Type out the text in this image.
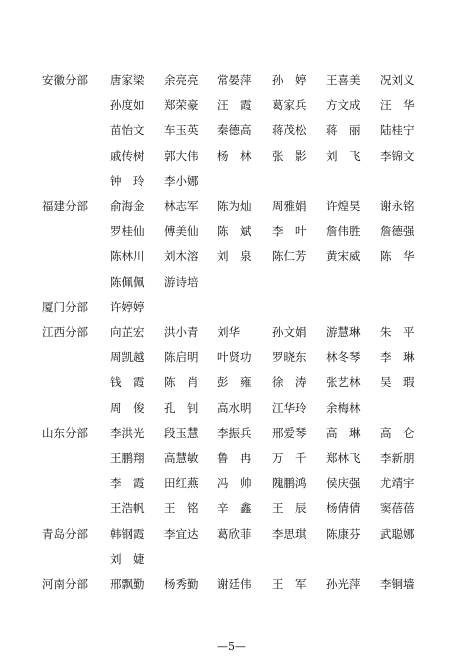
安徽分部 唐家梁 余亮亮 常晏萍 孙　婷 王喜美 况刘义
孙度如 郑荣豪 汪　霞 葛家兵 方文成 汪　华
苗怡文 车玉英 秦德高 蒋茂松 蒋　丽 陆桂宁
戚传树 郭大伟 杨　林 张　影 刘　飞 李锦文
钟　玲 李小娜
福建分部 俞海金 林志军 陈为灿 周雅娟 许煌昊 谢永铭
罗桂仙 傅美仙 陈　斌 李　叶 詹伟胜 詹德强
陈林川 刘木溶 刘　泉 陈仁芳 黄宋威 陈　华
陈佩佩 游诗培
厦门分部 许婷婷
江西分部 向芷宏 洪小青 刘华	孙文娟 游慧琳 朱　平
周凯越 陈启明 叶贤功 罗晓东 林冬琴 李　琳
钱　霞 陈　肖 彭　雍 徐　涛 张艺林 吴　瑕
周　俊 孔　钊 高水明 江华玲 余梅林
山东分部 李洪光 段玉慧 李振兵 邢爱琴 高　琳 高　仑
王鹏翔 高慧敏 鲁　冉 万　千 郑林飞 李新朋
李　霞 田红燕 冯　帅 隗鹏鸿 侯庆强 尤靖宇
王浩帆 王　铭 辛　鑫 王　辰 杨倩倩 窦蓓蓓
青岛分部 韩钢霞 李宜达 葛欣菲 李思琪 陈康芬 武聪娜
刘　婕
河南分部 邢飘勤 杨秀勤 谢廷伟 王　军 孙光萍 李铜墙
—5—
